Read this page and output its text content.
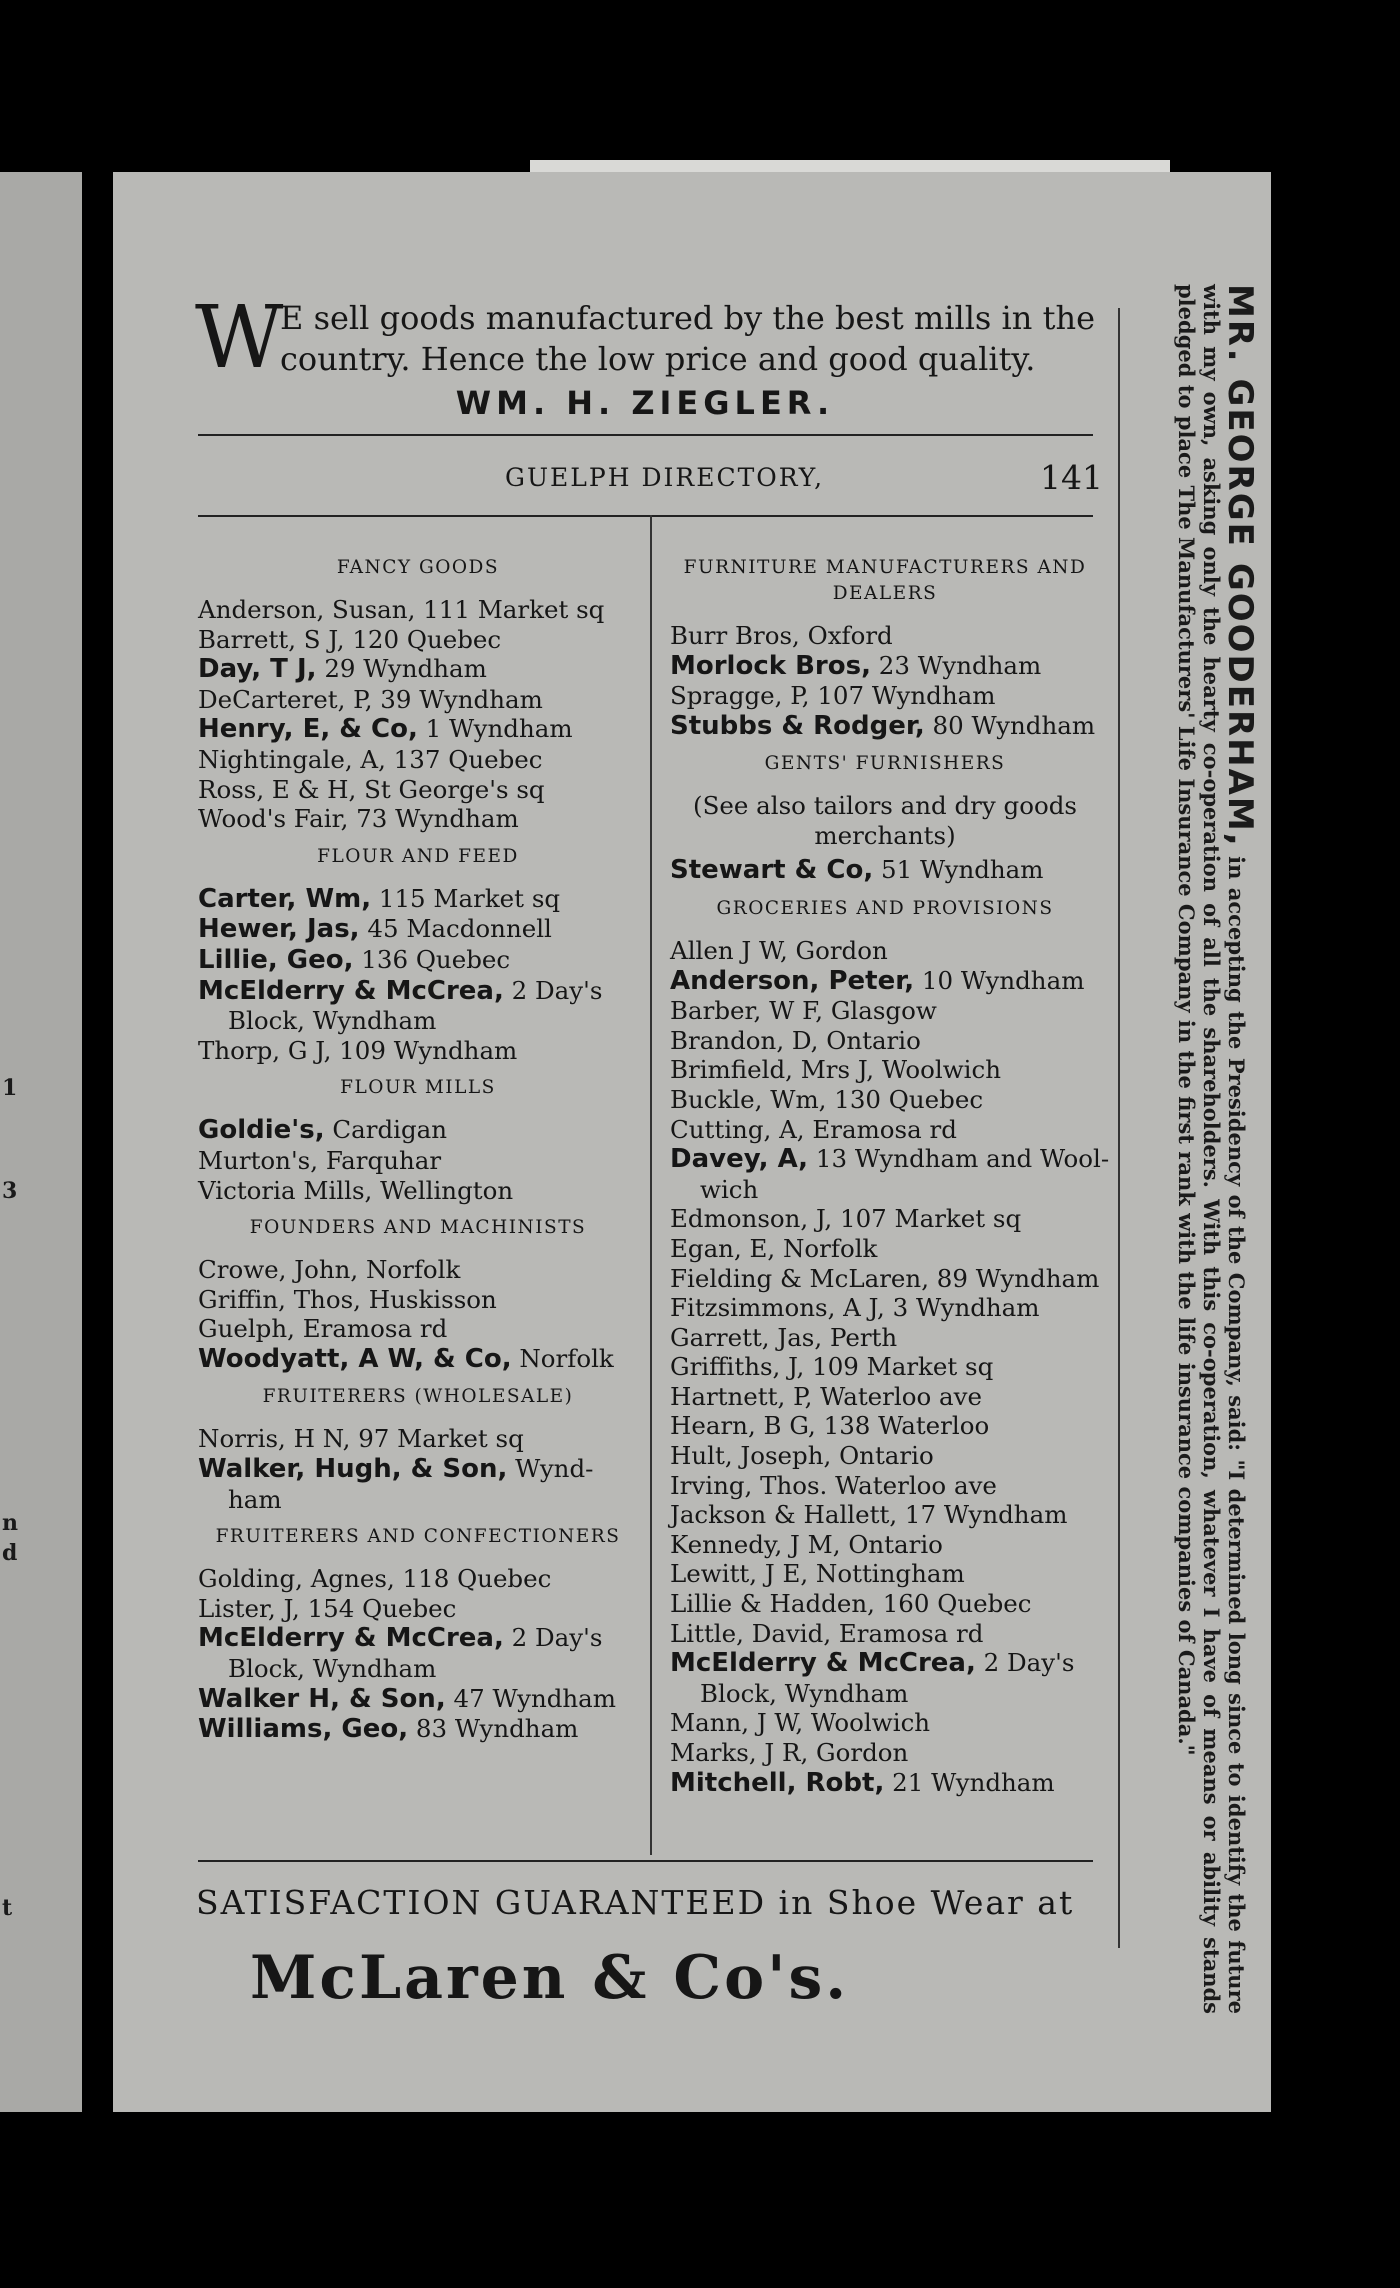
1
3
n
d
t
W
E sell goods manufactured by the best mills in the country. Hence the low price and good quality.
WM. H. ZIEGLER.
GUELPH DIRECTORY,	141
FANCY GOODS
Anderson, Susan, 111 Market sq
Barrett, S J, 120 Quebec
Day, T J, 29 Wyndham
DeCarteret, P, 39 Wyndham
Henry, E, & Co, 1 Wyndham
Nightingale, A, 137 Quebec
Ross, E & H, St George's sq
Wood's Fair, 73 Wyndham
FLOUR AND FEED
Carter, Wm, 115 Market sq
Hewer, Jas, 45 Macdonnell
Lillie, Geo, 136 Quebec
McElderry & McCrea, 2 Day's
Block, Wyndham
Thorp, G J, 109 Wyndham
FLOUR MILLS
Goldie's, Cardigan
Murton's, Farquhar
Victoria Mills, Wellington
FOUNDERS AND MACHINISTS
Crowe, John, Norfolk
Griffin, Thos, Huskisson
Guelph, Eramosa rd
Woodyatt, A W, & Co, Norfolk
FRUITERERS (WHOLESALE)
Norris, H N, 97 Market sq
Walker, Hugh, & Son, Wynd-
ham
FRUITERERS AND CONFECTIONERS
Golding, Agnes, 118 Quebec
Lister, J, 154 Quebec
McElderry & McCrea, 2 Day's
Block, Wyndham
Walker H, & Son, 47 Wyndham
Williams, Geo, 83 Wyndham
FURNITURE MANUFACTURERS AND DEALERS
Burr Bros, Oxford
Morlock Bros, 23 Wyndham
Spragge, P, 107 Wyndham
Stubbs & Rodger, 80 Wyndham
GENTS' FURNISHERS
(See also tailors and dry goods merchants)
Stewart & Co, 51 Wyndham
GROCERIES AND PROVISIONS
Allen J W, Gordon
Anderson, Peter, 10 Wyndham
Barber, W F, Glasgow
Brandon, D, Ontario
Brimfield, Mrs J, Woolwich
Buckle, Wm, 130 Quebec
Cutting, A, Eramosa rd
Davey, A, 13 Wyndham and Wool-
wich
Edmonson, J, 107 Market sq
Egan, E, Norfolk
Fielding & McLaren, 89 Wyndham
Fitzsimmons, A J, 3 Wyndham
Garrett, Jas, Perth
Griffiths, J, 109 Market sq
Hartnett, P, Waterloo ave
Hearn, B G, 138 Waterloo
Hult, Joseph, Ontario
Irving, Thos. Waterloo ave
Jackson & Hallett, 17 Wyndham
Kennedy, J M, Ontario
Lewitt, J E, Nottingham
Lillie & Hadden, 160 Quebec
Little, David, Eramosa rd
McElderry & McCrea, 2 Day's
Block, Wyndham
Mann, J W, Woolwich
Marks, J R, Gordon
Mitchell, Robt, 21 Wyndham
SATISFACTION GUARANTEED in Shoe Wear at
McLaren & Co's.
MR. GEORGE GOODERHAM, in accepting the Presidency of the Company, said: "I determined long since to identify the future with my own, asking only the hearty co-operation of all the shareholders. With this co-operation, whatever I have of means or ability stands pledged to place The Manufacturers' Life Insurance Company in the first rank with the life insurance companies of Canada."
